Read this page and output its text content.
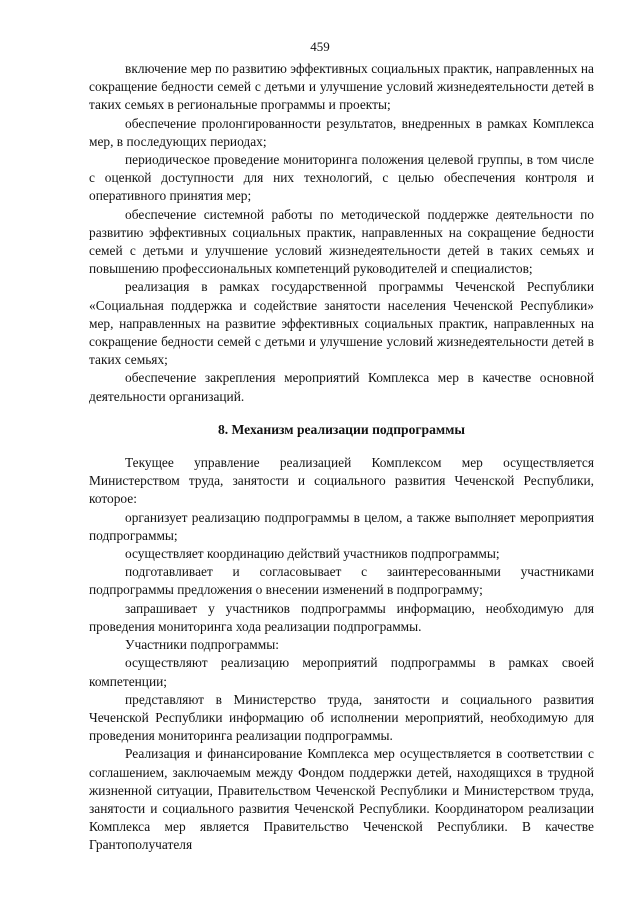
459

включение мер по развитию эффективных социальных практик, направленных на сокращение бедности семей с детьми и улучшение условий жизнедеятельности детей в таких семьях в региональные программы и проекты;

обеспечение пролонгированности результатов, внедренных в рамках Комплекса мер, в последующих периодах;

периодическое проведение мониторинга положения целевой группы, в том числе с оценкой доступности для них технологий, с целью обеспечения контроля и оперативного принятия мер;

обеспечение системной работы по методической поддержке деятельности по развитию эффективных социальных практик, направленных на сокращение бедности семей с детьми и улучшение условий жизнедеятельности детей в таких семьях и повышению профессиональных компетенций руководителей и специалистов;

реализация в рамках государственной программы Чеченской Республики «Социальная поддержка и содействие занятости населения Чеченской Республики» мер, направленных на развитие эффективных социальных практик, направленных на сокращение бедности семей с детьми и улучшение условий жизнедеятельности детей в таких семьях;

обеспечение закрепления мероприятий Комплекса мер в качестве основной деятельности организаций.

8. Механизм реализации подпрограммы

Текущее управление реализацией Комплексом мер осуществляется Министерством труда, занятости и социального развития Чеченской Республики, которое:

организует реализацию подпрограммы в целом, а также выполняет мероприятия подпрограммы;

осуществляет координацию действий участников подпрограммы;

подготавливает и согласовывает с заинтересованными участниками подпрограммы предложения о внесении изменений в подпрограмму;

запрашивает у участников подпрограммы информацию, необходимую для проведения мониторинга хода реализации подпрограммы.

Участники подпрограммы:

осуществляют реализацию мероприятий подпрограммы в рамках своей компетенции;

представляют в Министерство труда, занятости и социального развития Чеченской Республики информацию об исполнении мероприятий, необходимую для проведения мониторинга реализации подпрограммы.

Реализация и финансирование Комплекса мер осуществляется в соответствии с соглашением, заключаемым между Фондом поддержки детей, находящихся в трудной жизненной ситуации, Правительством Чеченской Республики и Министерством труда, занятости и социального развития Чеченской Республики. Координатором реализации Комплекса мер является Правительство Чеченской Республики. В качестве Грантополучателя
